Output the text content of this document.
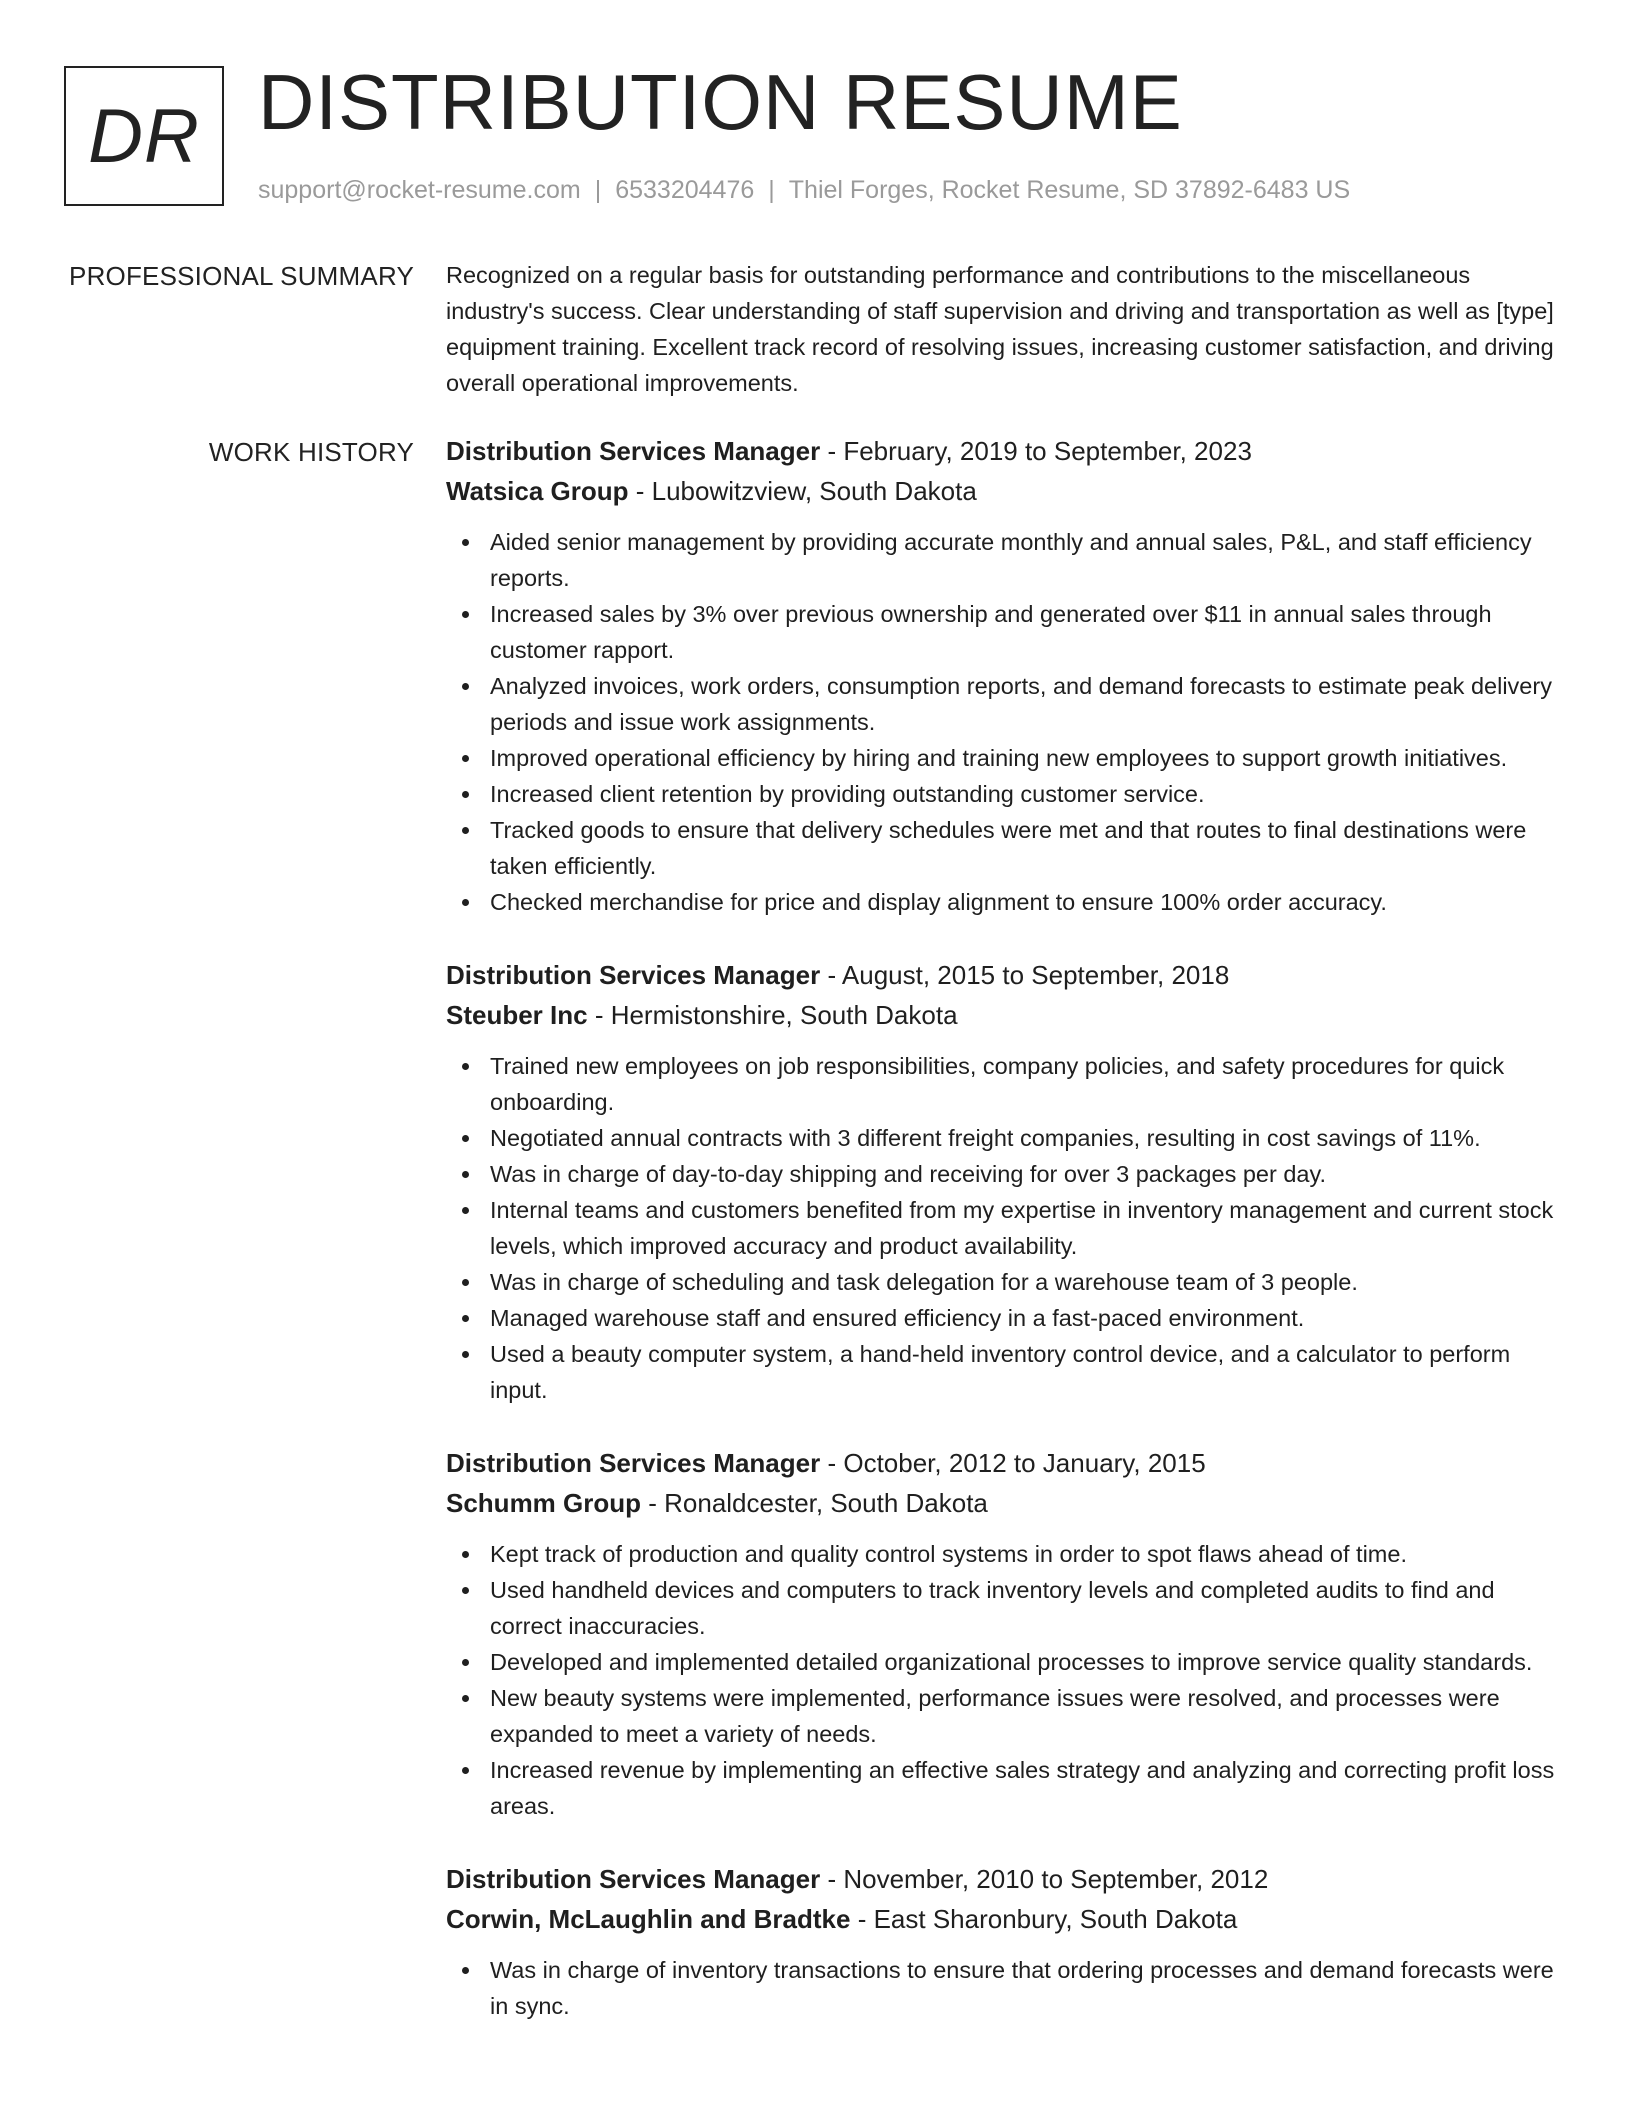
DR DISTRIBUTION RESUME
support@rocket-resume.com | 6533204476 | Thiel Forges, Rocket Resume, SD 37892-6483 US
PROFESSIONAL SUMMARY Recognized on a regular basis for outstanding performance and contributions to the miscellaneous industry's success. Clear understanding of staff supervision and driving and transportation as well as [type] equipment training. Excellent track record of resolving issues, increasing customer satisfaction, and driving overall operational improvements.

WORK HISTORY Distribution Services Manager - February, 2019 to September, 2023
Watsica Group - Lubowitzview, South Dakota
Aided senior management by providing accurate monthly and annual sales, P&L, and staff efficiency reports.
Increased sales by 3% over previous ownership and generated over $11 in annual sales through customer rapport.
Analyzed invoices, work orders, consumption reports, and demand forecasts to estimate peak delivery periods and issue work assignments.
Improved operational efficiency by hiring and training new employees to support growth initiatives.
Increased client retention by providing outstanding customer service.
Tracked goods to ensure that delivery schedules were met and that routes to final destinations were taken efficiently.
Checked merchandise for price and display alignment to ensure 100% order accuracy.
Distribution Services Manager - August, 2015 to September, 2018
Steuber Inc - Hermistonshire, South Dakota
Trained new employees on job responsibilities, company policies, and safety procedures for quick onboarding.
Negotiated annual contracts with 3 different freight companies, resulting in cost savings of 11%.
Was in charge of day-to-day shipping and receiving for over 3 packages per day.
Internal teams and customers benefited from my expertise in inventory management and current stock levels, which improved accuracy and product availability.
Was in charge of scheduling and task delegation for a warehouse team of 3 people.
Managed warehouse staff and ensured efficiency in a fast-paced environment.
Used a beauty computer system, a hand-held inventory control device, and a calculator to perform input.
Distribution Services Manager - October, 2012 to January, 2015
Schumm Group - Ronaldcester, South Dakota
Kept track of production and quality control systems in order to spot flaws ahead of time.
Used handheld devices and computers to track inventory levels and completed audits to find and correct inaccuracies.
Developed and implemented detailed organizational processes to improve service quality standards.
New beauty systems were implemented, performance issues were resolved, and processes were expanded to meet a variety of needs.
Increased revenue by implementing an effective sales strategy and analyzing and correcting profit loss areas.
Distribution Services Manager - November, 2010 to September, 2012
Corwin, McLaughlin and Bradtke - East Sharonbury, South Dakota
Was in charge of inventory transactions to ensure that ordering processes and demand forecasts were in sync.
